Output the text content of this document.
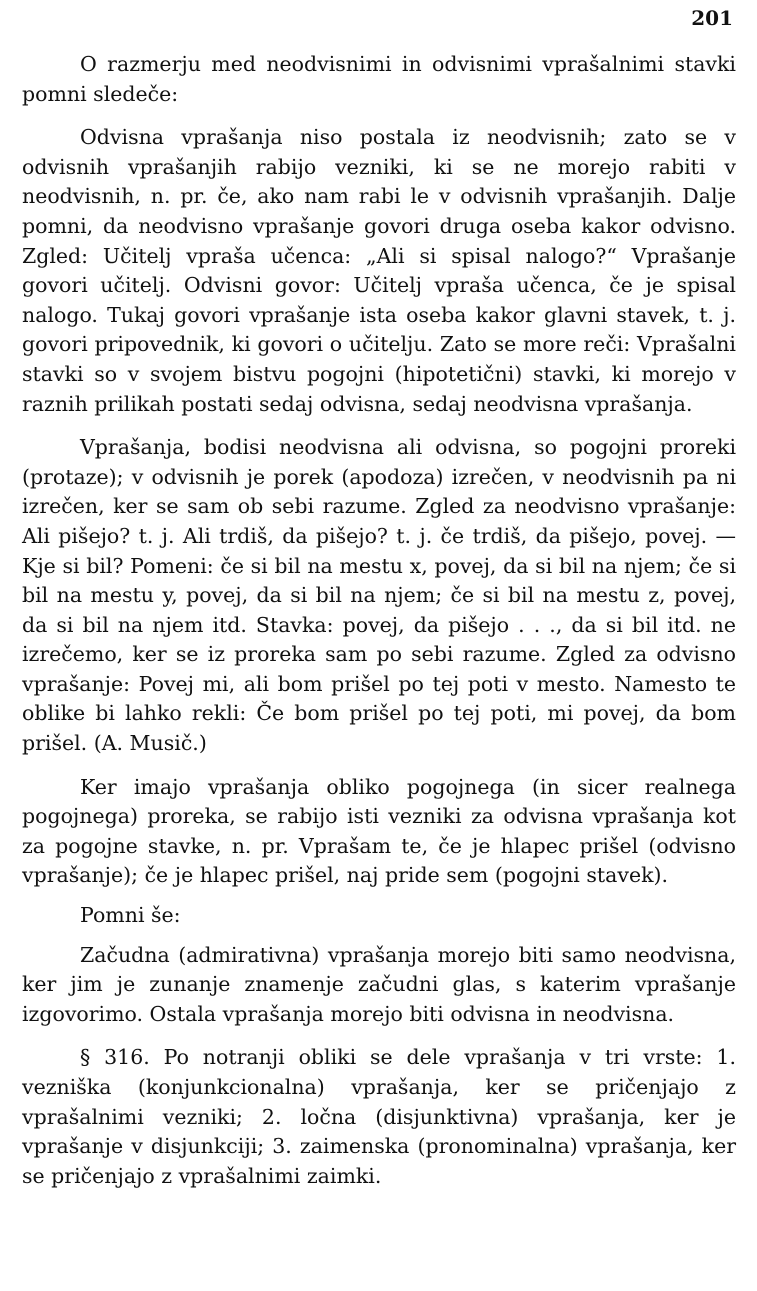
201

O razmerju med neodvisnimi in odvisnimi vprašalnimi stavki pomni sledeče:

Odvisna vprašanja niso postala iz neodvisnih; zato se v odvisnih vprašanjih rabijo vezniki, ki se ne morejo rabiti v neodvisnih, n. pr. če, ako nam rabi le v odvisnih vprašanjih. Dalje pomni, da neodvisno vprašanje govori druga oseba kakor odvisno. Zgled: Učitelj vpraša učenca: „Ali si spisal nalogo?“ Vprašanje govori učitelj. Odvisni govor: Učitelj vpraša učenca, če je spisal nalogo. Tukaj govori vprašanje ista oseba kakor glavni stavek, t. j. govori pripovednik, ki govori o učitelju. Zato se more reči: Vprašalni stavki so v svojem bistvu pogojni (hipotetični) stavki, ki morejo v raznih prilikah postati sedaj odvisna, sedaj neodvisna vprašanja.

Vprašanja, bodisi neodvisna ali odvisna, so pogojni proreki (protaze); v odvisnih je porek (apodoza) izrečen, v neodvisnih pa ni izrečen, ker se sam ob sebi razume. Zgled za neodvisno vprašanje: Ali pišejo? t. j. Ali trdiš, da pišejo? t. j. če trdiš, da pišejo, povej. — Kje si bil? Pomeni: če si bil na mestu x, povej, da si bil na njem; če si bil na mestu y, povej, da si bil na njem; če si bil na mestu z, povej, da si bil na njem itd. Stavka: povej, da pišejo . . ., da si bil itd. ne izrečemo, ker se iz proreka sam po sebi razume. Zgled za odvisno vprašanje: Povej mi, ali bom prišel po tej poti v mesto. Namesto te oblike bi lahko rekli: Če bom prišel po tej poti, mi povej, da bom prišel. (A. Musič.)

Ker imajo vprašanja obliko pogojnega (in sicer realnega pogojnega) proreka, se rabijo isti vezniki za odvisna vprašanja kot za pogojne stavke, n. pr. Vprašam te, če je hlapec prišel (odvisno vprašanje); če je hlapec prišel, naj pride sem (pogojni stavek).

Pomni še:

Začudna (admirativna) vprašanja morejo biti samo neodvisna, ker jim je zunanje znamenje začudni glas, s katerim vprašanje izgovorimo. Ostala vprašanja morejo biti odvisna in neodvisna.

§ 316. Po notranji obliki se dele vprašanja v tri vrste: 1. vezniška (konjunkcionalna) vprašanja, ker se pričenjajo z vprašalnimi vezniki; 2. ločna (disjunktivna) vprašanja, ker je vprašanje v disjunkciji; 3. zaimenska (pronominalna) vprašanja, ker se pričenjajo z vprašalnimi zaimki.
